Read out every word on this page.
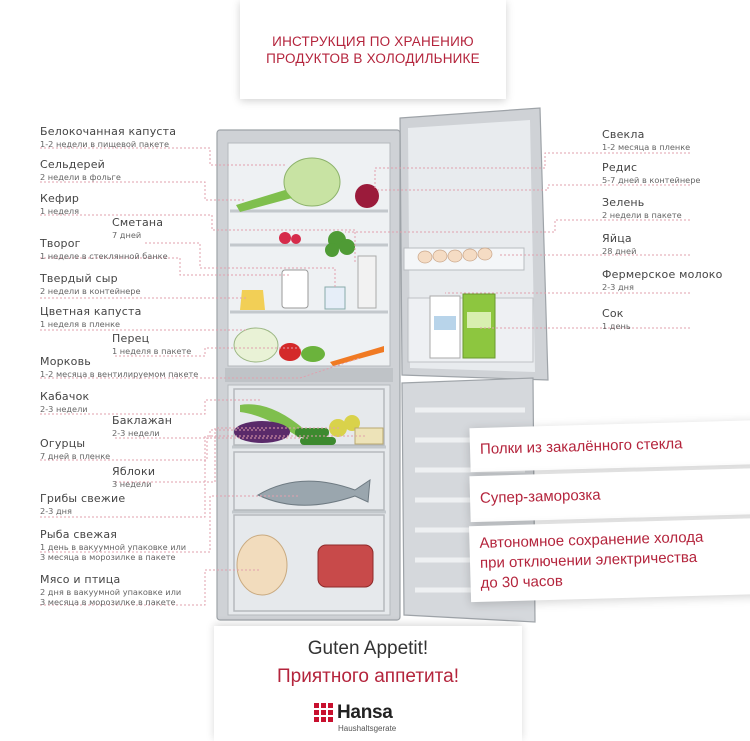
ИНСТРУКЦИЯ ПО ХРАНЕНИЮ ПРОДУКТОВ В ХОЛОДИЛЬНИКЕ
Белокочанная капуста
1-2 недели в пищевой пакете
Сельдерей
2 недели в фольге
Кефир
1 неделя
Сметана
7 дней
Творог
1 неделе в стеклянной банке
Твердый сыр
2 недели в контейнере
Цветная капуста
1 неделя в пленке
Перец
1 неделя в пакете
Морковь
1-2 месяца в вентилируемом пакете
Кабачок
2-3 недели
Баклажан
2-3 недели
Огурцы
7 дней в пленке
Яблоки
3 недели
Грибы свежие
2-3 дня
Рыба свежая
1 день в вакуумной упаковке или
3 месяца в морозилке в пакете
Мясо и птица
2 дня в вакуумной упаковке или
3 месяца в морозилке в пакете
Свекла
1-2 месяца в пленке
Редис
5-7 дней в контейнере
Зелень
2 недели в пакете
Яйца
28 дней
Фермерское молоко
2-3 дня
Сок
1 день
Полки из закалённого стекла
Супер-заморозка
Автономное сохранение холода при отключении электричества до 30 часов
Guten Appetit!
Приятного аппетита!
Hansa
Haushaltsgerate
